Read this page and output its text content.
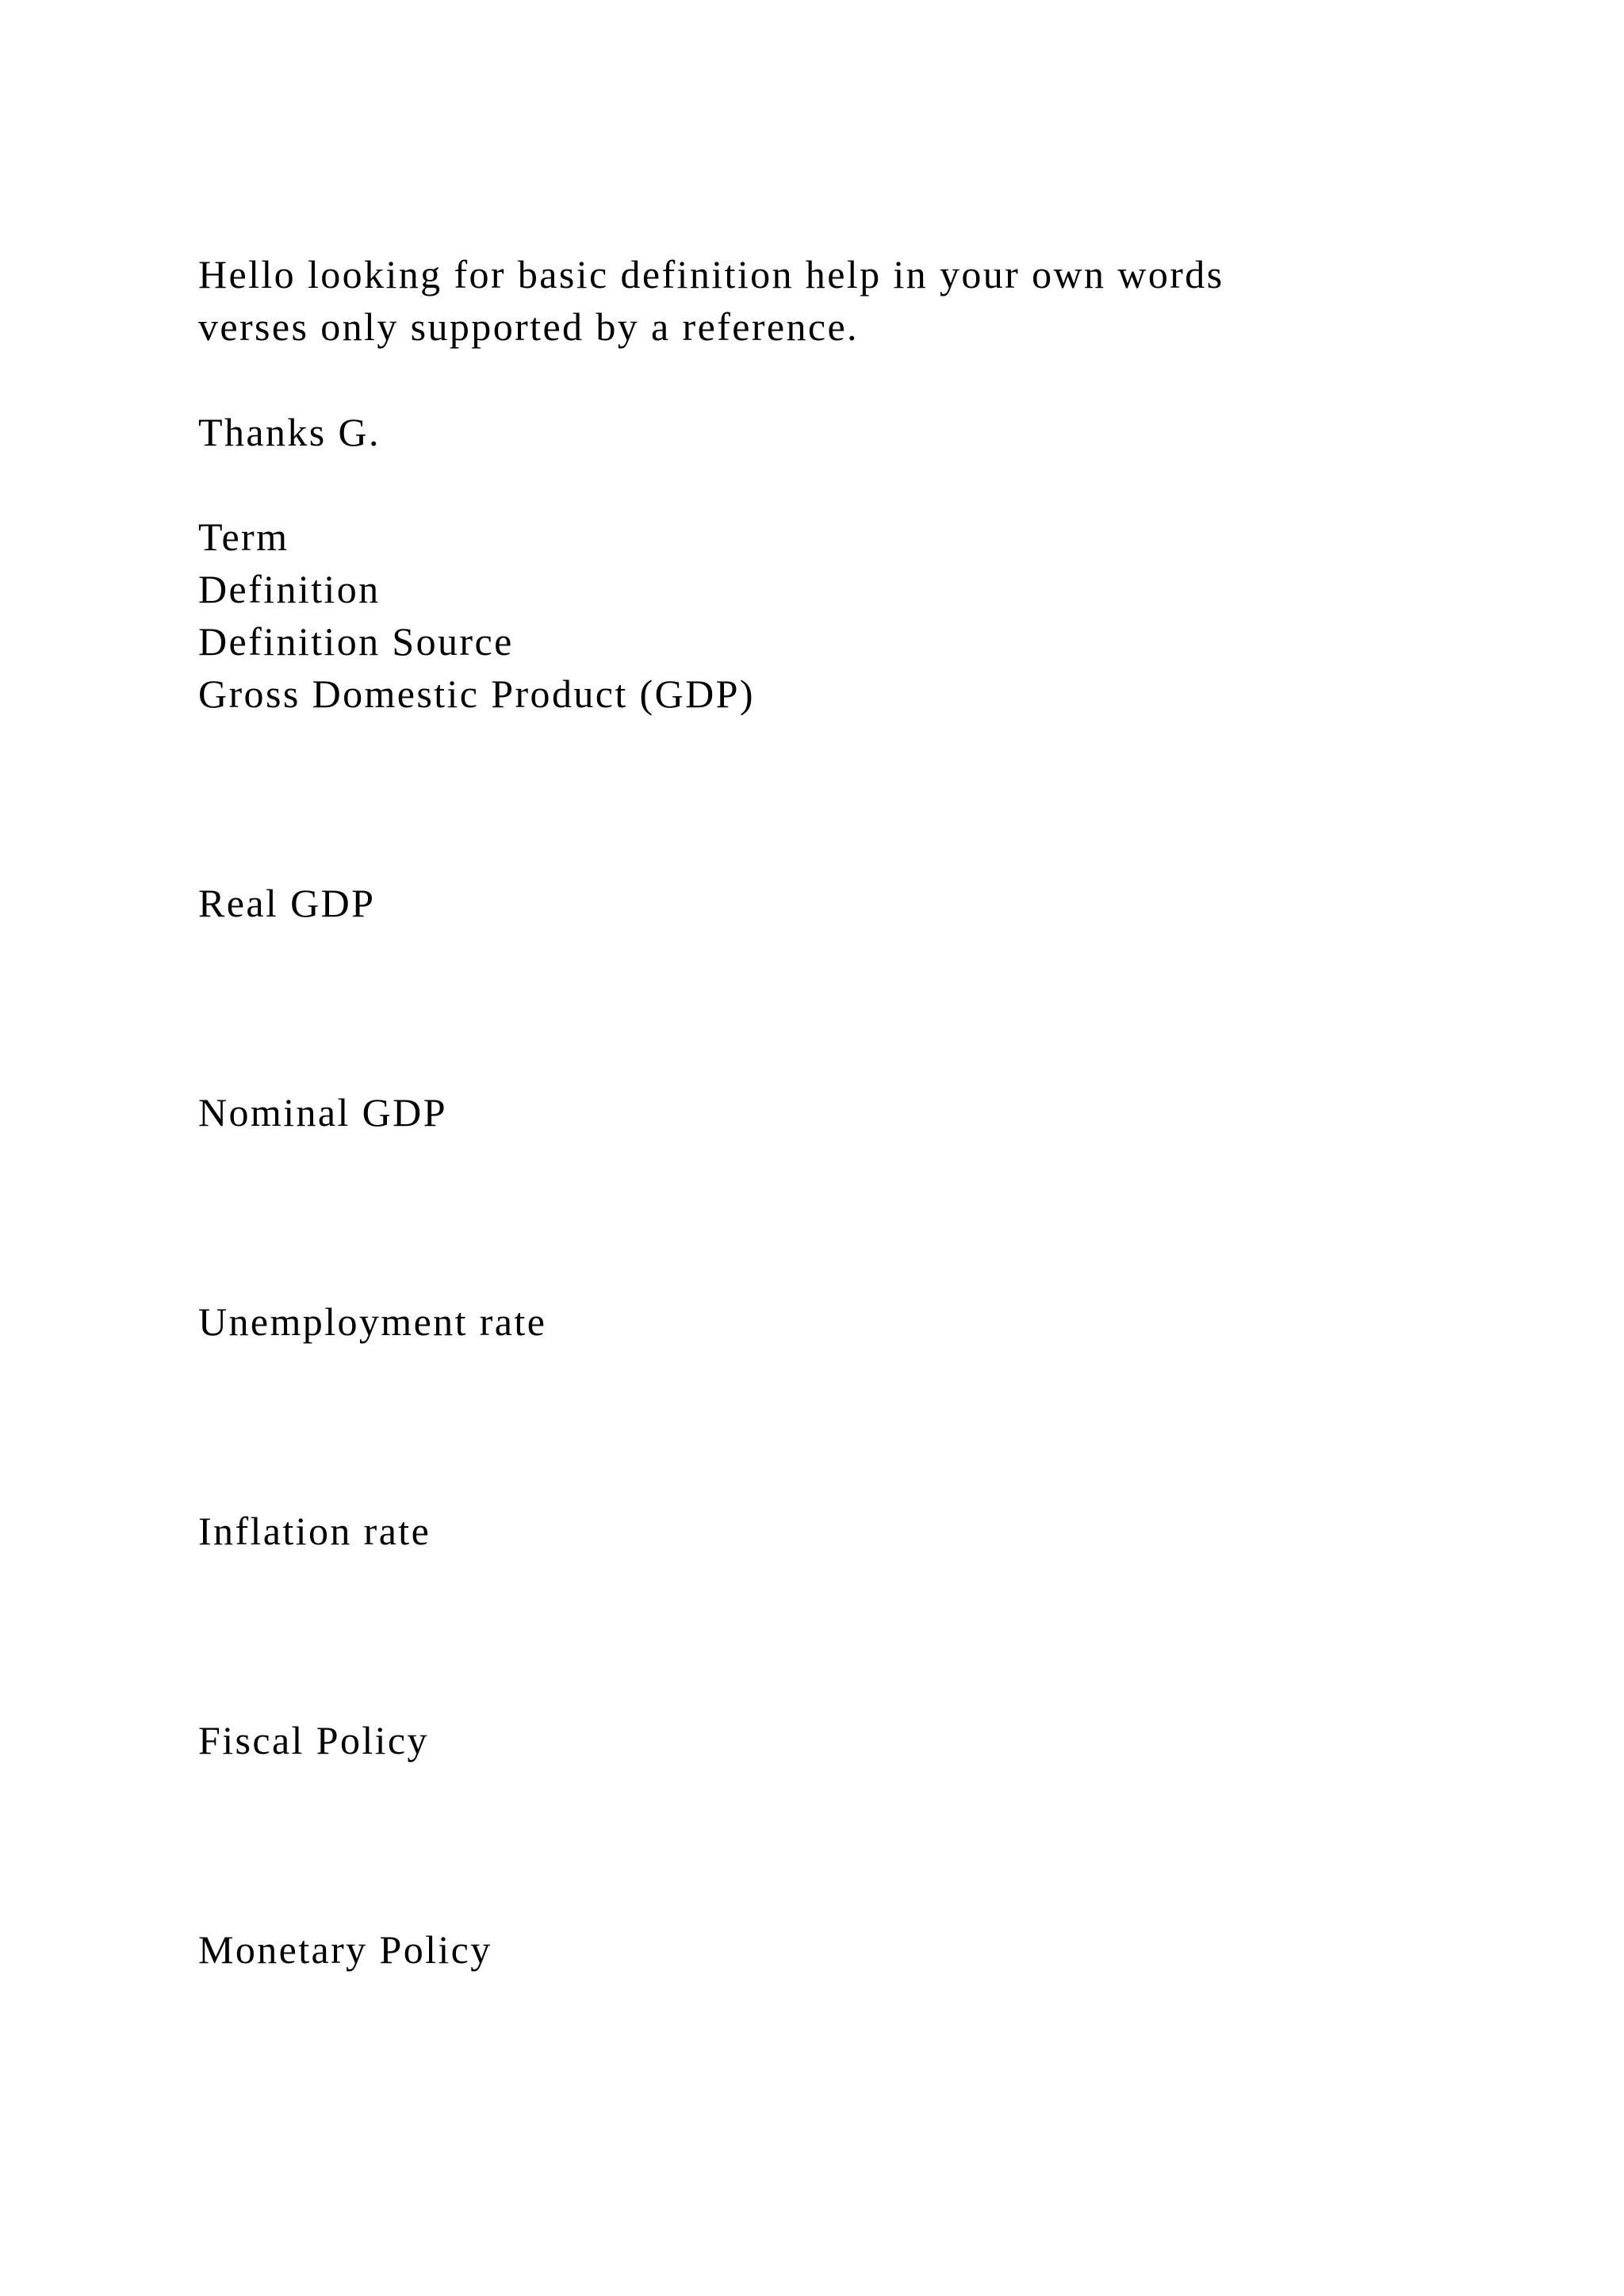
Hello looking for basic definition help in your own words
verses only supported by a reference.
Thanks G.
Term
Definition
Definition Source
Gross Domestic Product (GDP)
Real GDP
Nominal GDP
Unemployment rate
Inflation rate
Fiscal Policy
Monetary Policy
